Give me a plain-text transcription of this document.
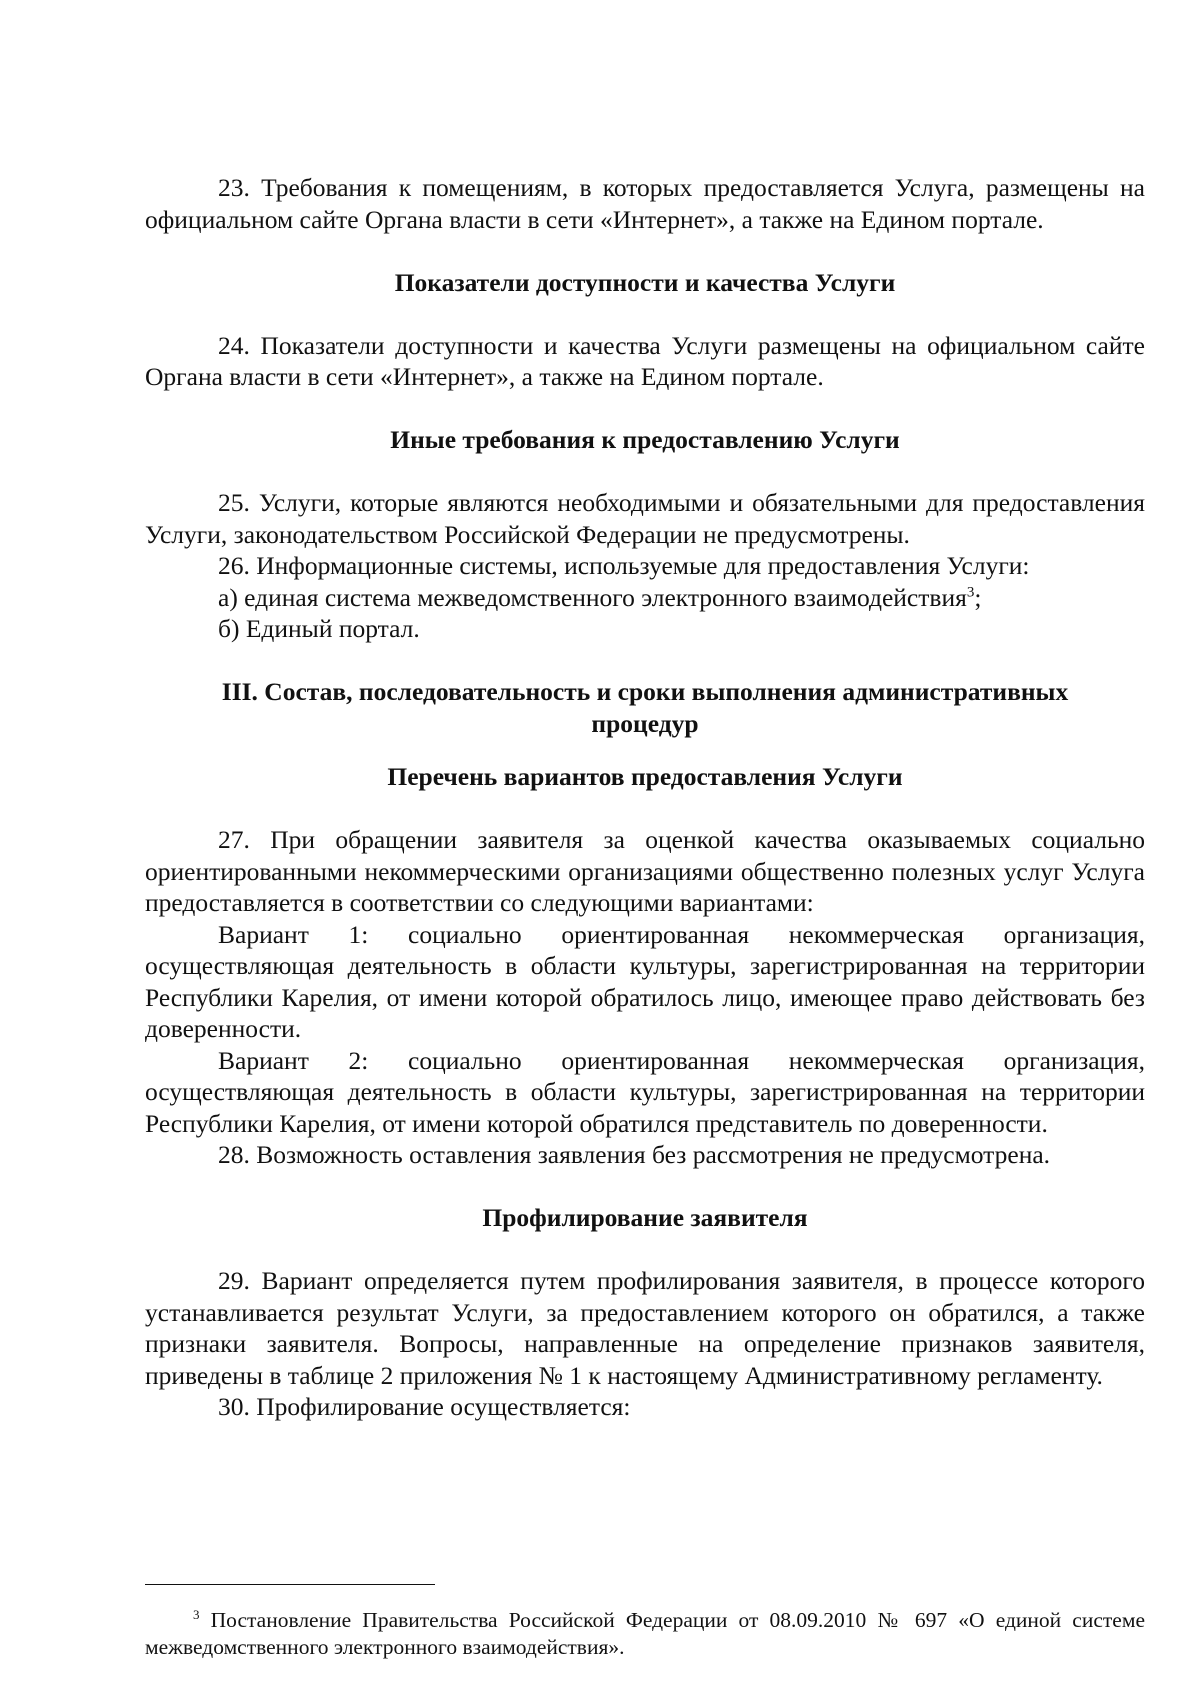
23. Требования к помещениям, в которых предоставляется Услуга, размещены на официальном сайте Органа власти в сети «Интернет», а также на Едином портале.

Показатели доступности и качества Услуги

24. Показатели доступности и качества Услуги размещены на официальном сайте Органа власти в сети «Интернет», а также на Едином портале.

Иные требования к предоставлению Услуги

25. Услуги, которые являются необходимыми и обязательными для предоставления Услуги, законодательством Российской Федерации не предусмотрены.

26. Информационные системы, используемые для предоставления Услуги:

а) единая система межведомственного электронного взаимодействия$^3$;

б) Единый портал.

III. Состав, последовательность и сроки выполнения административных процедур

Перечень вариантов предоставления Услуги

27. При обращении заявителя за оценкой качества оказываемых социально ориентированными некоммерческими организациями общественно полезных услуг Услуга предоставляется в соответствии со следующими вариантами:

Вариант 1: социально ориентированная некоммерческая организация, осуществляющая деятельность в области культуры, зарегистрированная на территории Республики Карелия, от имени которой обратилось лицо, имеющее право действовать без доверенности.

Вариант 2: социально ориентированная некоммерческая организация, осуществляющая деятельность в области культуры, зарегистрированная на территории Республики Карелия, от имени которой обратился представитель по доверенности.

28. Возможность оставления заявления без рассмотрения не предусмотрена.

Профилирование заявителя

29. Вариант определяется путем профилирования заявителя, в процессе которого устанавливается результат Услуги, за предоставлением которого он обратился, а также признаки заявителя. Вопросы, направленные на определение признаков заявителя, приведены в таблице 2 приложения № 1 к настоящему Административному регламенту.

30. Профилирование осуществляется:

$^3$ Постановление Правительства Российской Федерации от 08.09.2010 № 697 «О единой системе межведомственного электронного взаимодействия».
